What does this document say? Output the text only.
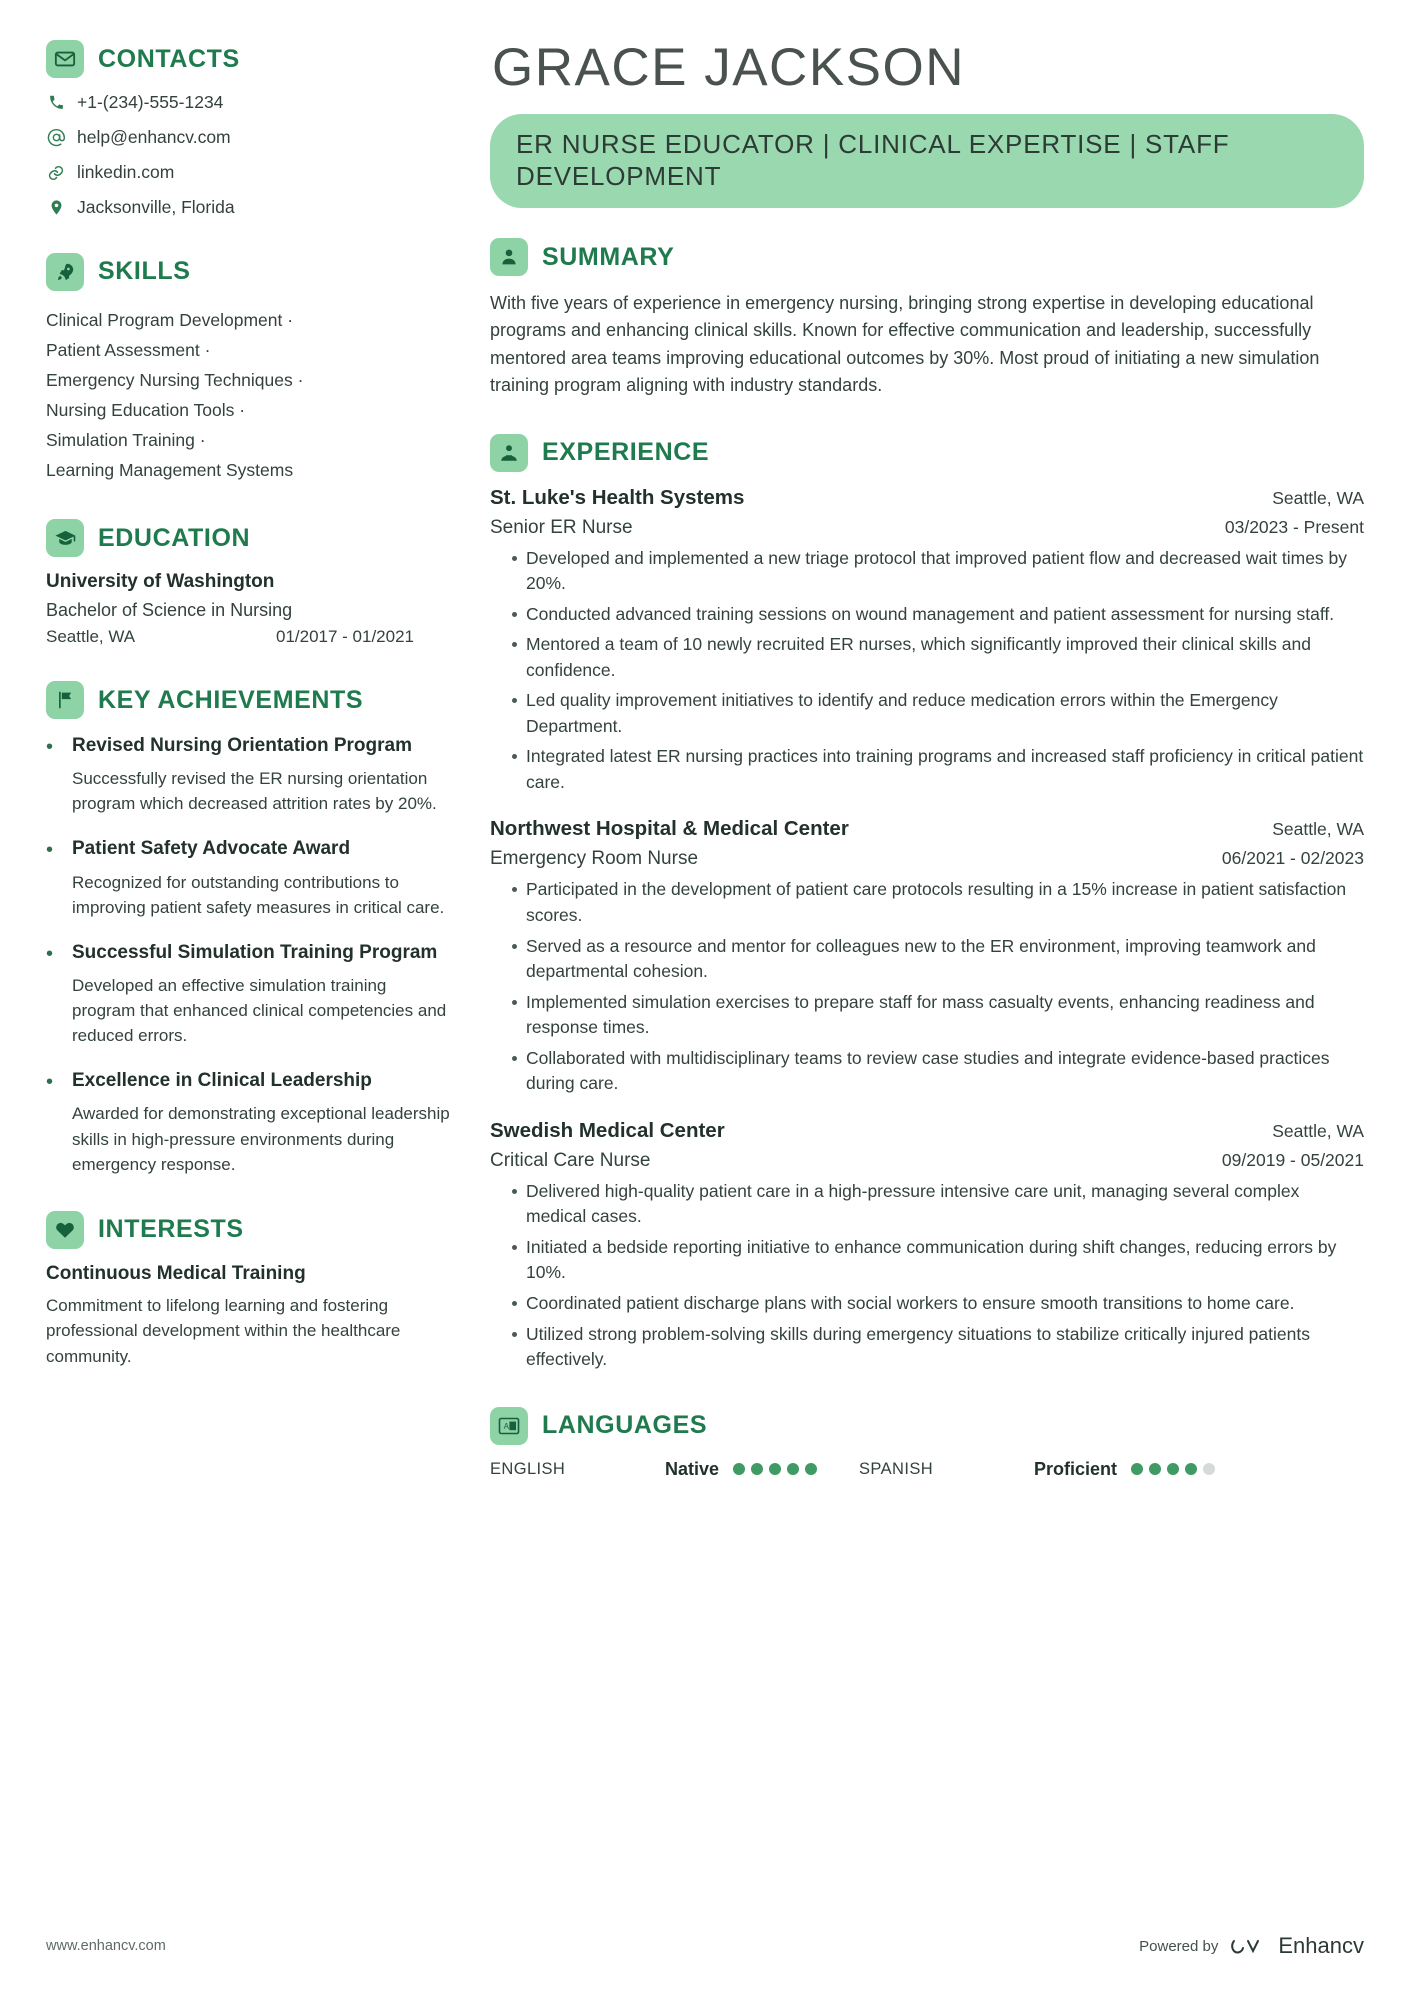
CONTACTS
+1-(234)-555-1234
help@enhancv.com
linkedin.com
Jacksonville, Florida
SKILLS
Clinical Program Development ·
Patient Assessment ·
Emergency Nursing Techniques ·
Nursing Education Tools ·
Simulation Training ·
Learning Management Systems
EDUCATION
University of Washington
Bachelor of Science in Nursing
Seattle, WA	01/2017 - 01/2021
KEY ACHIEVEMENTS
• Revised Nursing Orientation Program
Successfully revised the ER nursing orientation program which decreased attrition rates by 20%.
• Patient Safety Advocate Award
Recognized for outstanding contributions to improving patient safety measures in critical care.
• Successful Simulation Training Program
Developed an effective simulation training program that enhanced clinical competencies and reduced errors.
• Excellence in Clinical Leadership
Awarded for demonstrating exceptional leadership skills in high-pressure environments during emergency response.
INTERESTS
Continuous Medical Training
Commitment to lifelong learning and fostering professional development within the healthcare community.
GRACE JACKSON
ER NURSE EDUCATOR | CLINICAL EXPERTISE | STAFF DEVELOPMENT
SUMMARY
With five years of experience in emergency nursing, bringing strong expertise in developing educational programs and enhancing clinical skills. Known for effective communication and leadership, successfully mentored area teams improving educational outcomes by 30%. Most proud of initiating a new simulation training program aligning with industry standards.
EXPERIENCE
St. Luke's Health Systems	Seattle, WA
Senior ER Nurse	03/2023 - Present
Developed and implemented a new triage protocol that improved patient flow and decreased wait times by 20%.
Conducted advanced training sessions on wound management and patient assessment for nursing staff.
Mentored a team of 10 newly recruited ER nurses, which significantly improved their clinical skills and confidence.
Led quality improvement initiatives to identify and reduce medication errors within the Emergency Department.
Integrated latest ER nursing practices into training programs and increased staff proficiency in critical patient care.
Northwest Hospital & Medical Center	Seattle, WA
Emergency Room Nurse	06/2021 - 02/2023
Participated in the development of patient care protocols resulting in a 15% increase in patient satisfaction scores.
Served as a resource and mentor for colleagues new to the ER environment, improving teamwork and departmental cohesion.
Implemented simulation exercises to prepare staff for mass casualty events, enhancing readiness and response times.
Collaborated with multidisciplinary teams to review case studies and integrate evidence-based practices during care.
Swedish Medical Center	Seattle, WA
Critical Care Nurse	09/2019 - 05/2021
Delivered high-quality patient care in a high-pressure intensive care unit, managing several complex medical cases.
Initiated a bedside reporting initiative to enhance communication during shift changes, reducing errors by 10%.
Coordinated patient discharge plans with social workers to ensure smooth transitions to home care.
Utilized strong problem-solving skills during emergency situations to stabilize critically injured patients effectively.
A LANGUAGES
ENGLISH	Native	SPANISH	Proficient
www.enhancv.com	Powered by	Enhancv
